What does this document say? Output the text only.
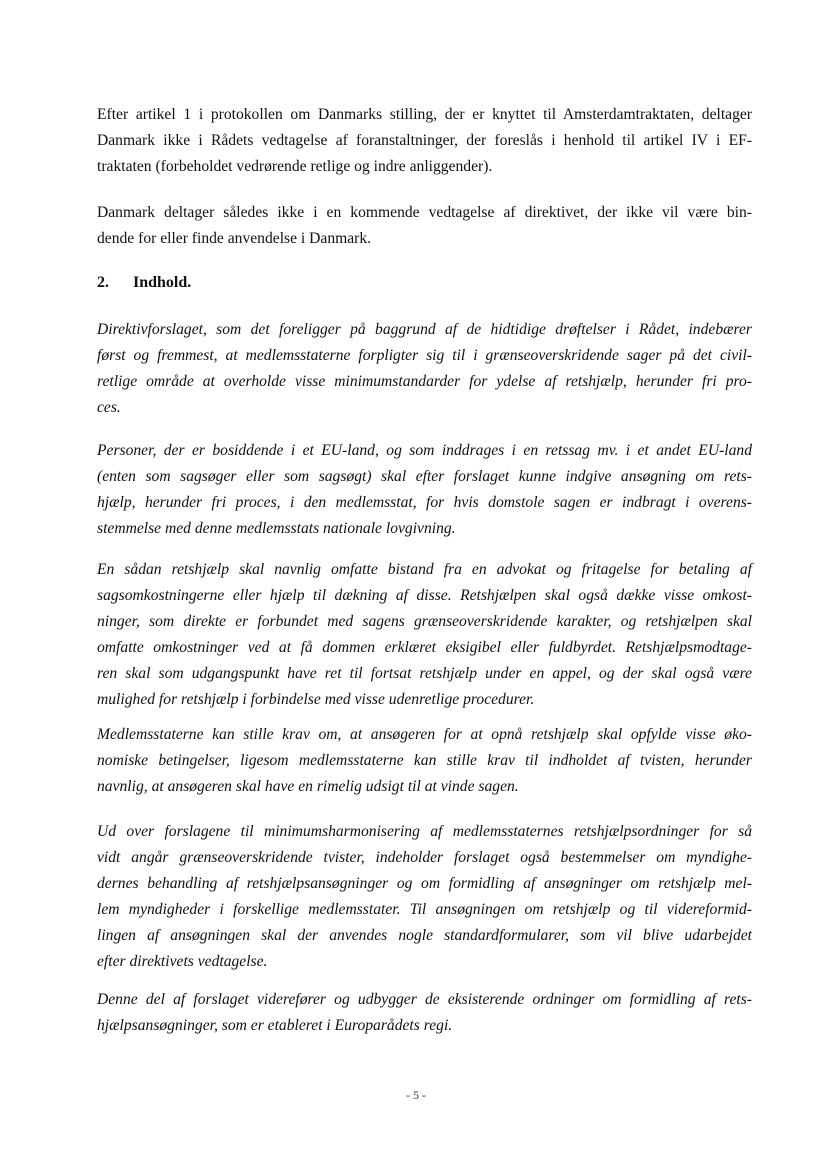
Efter artikel 1 i protokollen om Danmarks stilling, der er knyttet til Amsterdamtraktaten, deltager
Danmark ikke i Rådets vedtagelse af foranstaltninger, der foreslås i henhold til artikel IV i EF-
traktaten (forbeholdet vedrørende retlige og indre anliggender).
Danmark deltager således ikke i en kommende vedtagelse af direktivet, der ikke vil være bin-
dende for eller finde anvendelse i Danmark.
2. Indhold.
Direktivforslaget, som det foreligger på baggrund af de hidtidige drøftelser i Rådet, indebærer
først og fremmest, at medlemsstaterne forpligter sig til i grænseoverskridende sager på det civil-
retlige område at overholde visse minimumstandarder for ydelse af retshjælp, herunder fri pro-
ces.
Personer, der er bosiddende i et EU-land, og som inddrages i en retssag mv. i et andet EU-land
(enten som sagsøger eller som sagsøgt) skal efter forslaget kunne indgive ansøgning om rets-
hjælp, herunder fri proces, i den medlemsstat, for hvis domstole sagen er indbragt i overens-
stemmelse med denne medlemsstats nationale lovgivning.
En sådan retshjælp skal navnlig omfatte bistand fra en advokat og fritagelse for betaling af
sagsomkostningerne eller hjælp til dækning af disse. Retshjælpen skal også dække visse omkost-
ninger, som direkte er forbundet med sagens grænseoverskridende karakter, og retshjælpen skal
omfatte omkostninger ved at få dommen erklæret eksigibel eller fuldbyrdet. Retshjælpsmodtage-
ren skal som udgangspunkt have ret til fortsat retshjælp under en appel, og der skal også være
mulighed for retshjælp i forbindelse med visse udenretlige procedurer.
Medlemsstaterne kan stille krav om, at ansøgeren for at opnå retshjælp skal opfylde visse øko-
nomiske betingelser, ligesom medlemsstaterne kan stille krav til indholdet af tvisten, herunder
navnlig, at ansøgeren skal have en rimelig udsigt til at vinde sagen.
Ud over forslagene til minimumsharmonisering af medlemsstaternes retshjælpsordninger for så
vidt angår grænseoverskridende tvister, indeholder forslaget også bestemmelser om myndighe-
dernes behandling af retshjælpsansøgninger og om formidling af ansøgninger om retshjælp mel-
lem myndigheder i forskellige medlemsstater. Til ansøgningen om retshjælp og til videreformid-
lingen af ansøgningen skal der anvendes nogle standardformularer, som vil blive udarbejdet
efter direktivets vedtagelse.
Denne del af forslaget viderefører og udbygger de eksisterende ordninger om formidling af rets-
hjælpsansøgninger, som er etableret i Europarådets regi.
- 5 -
